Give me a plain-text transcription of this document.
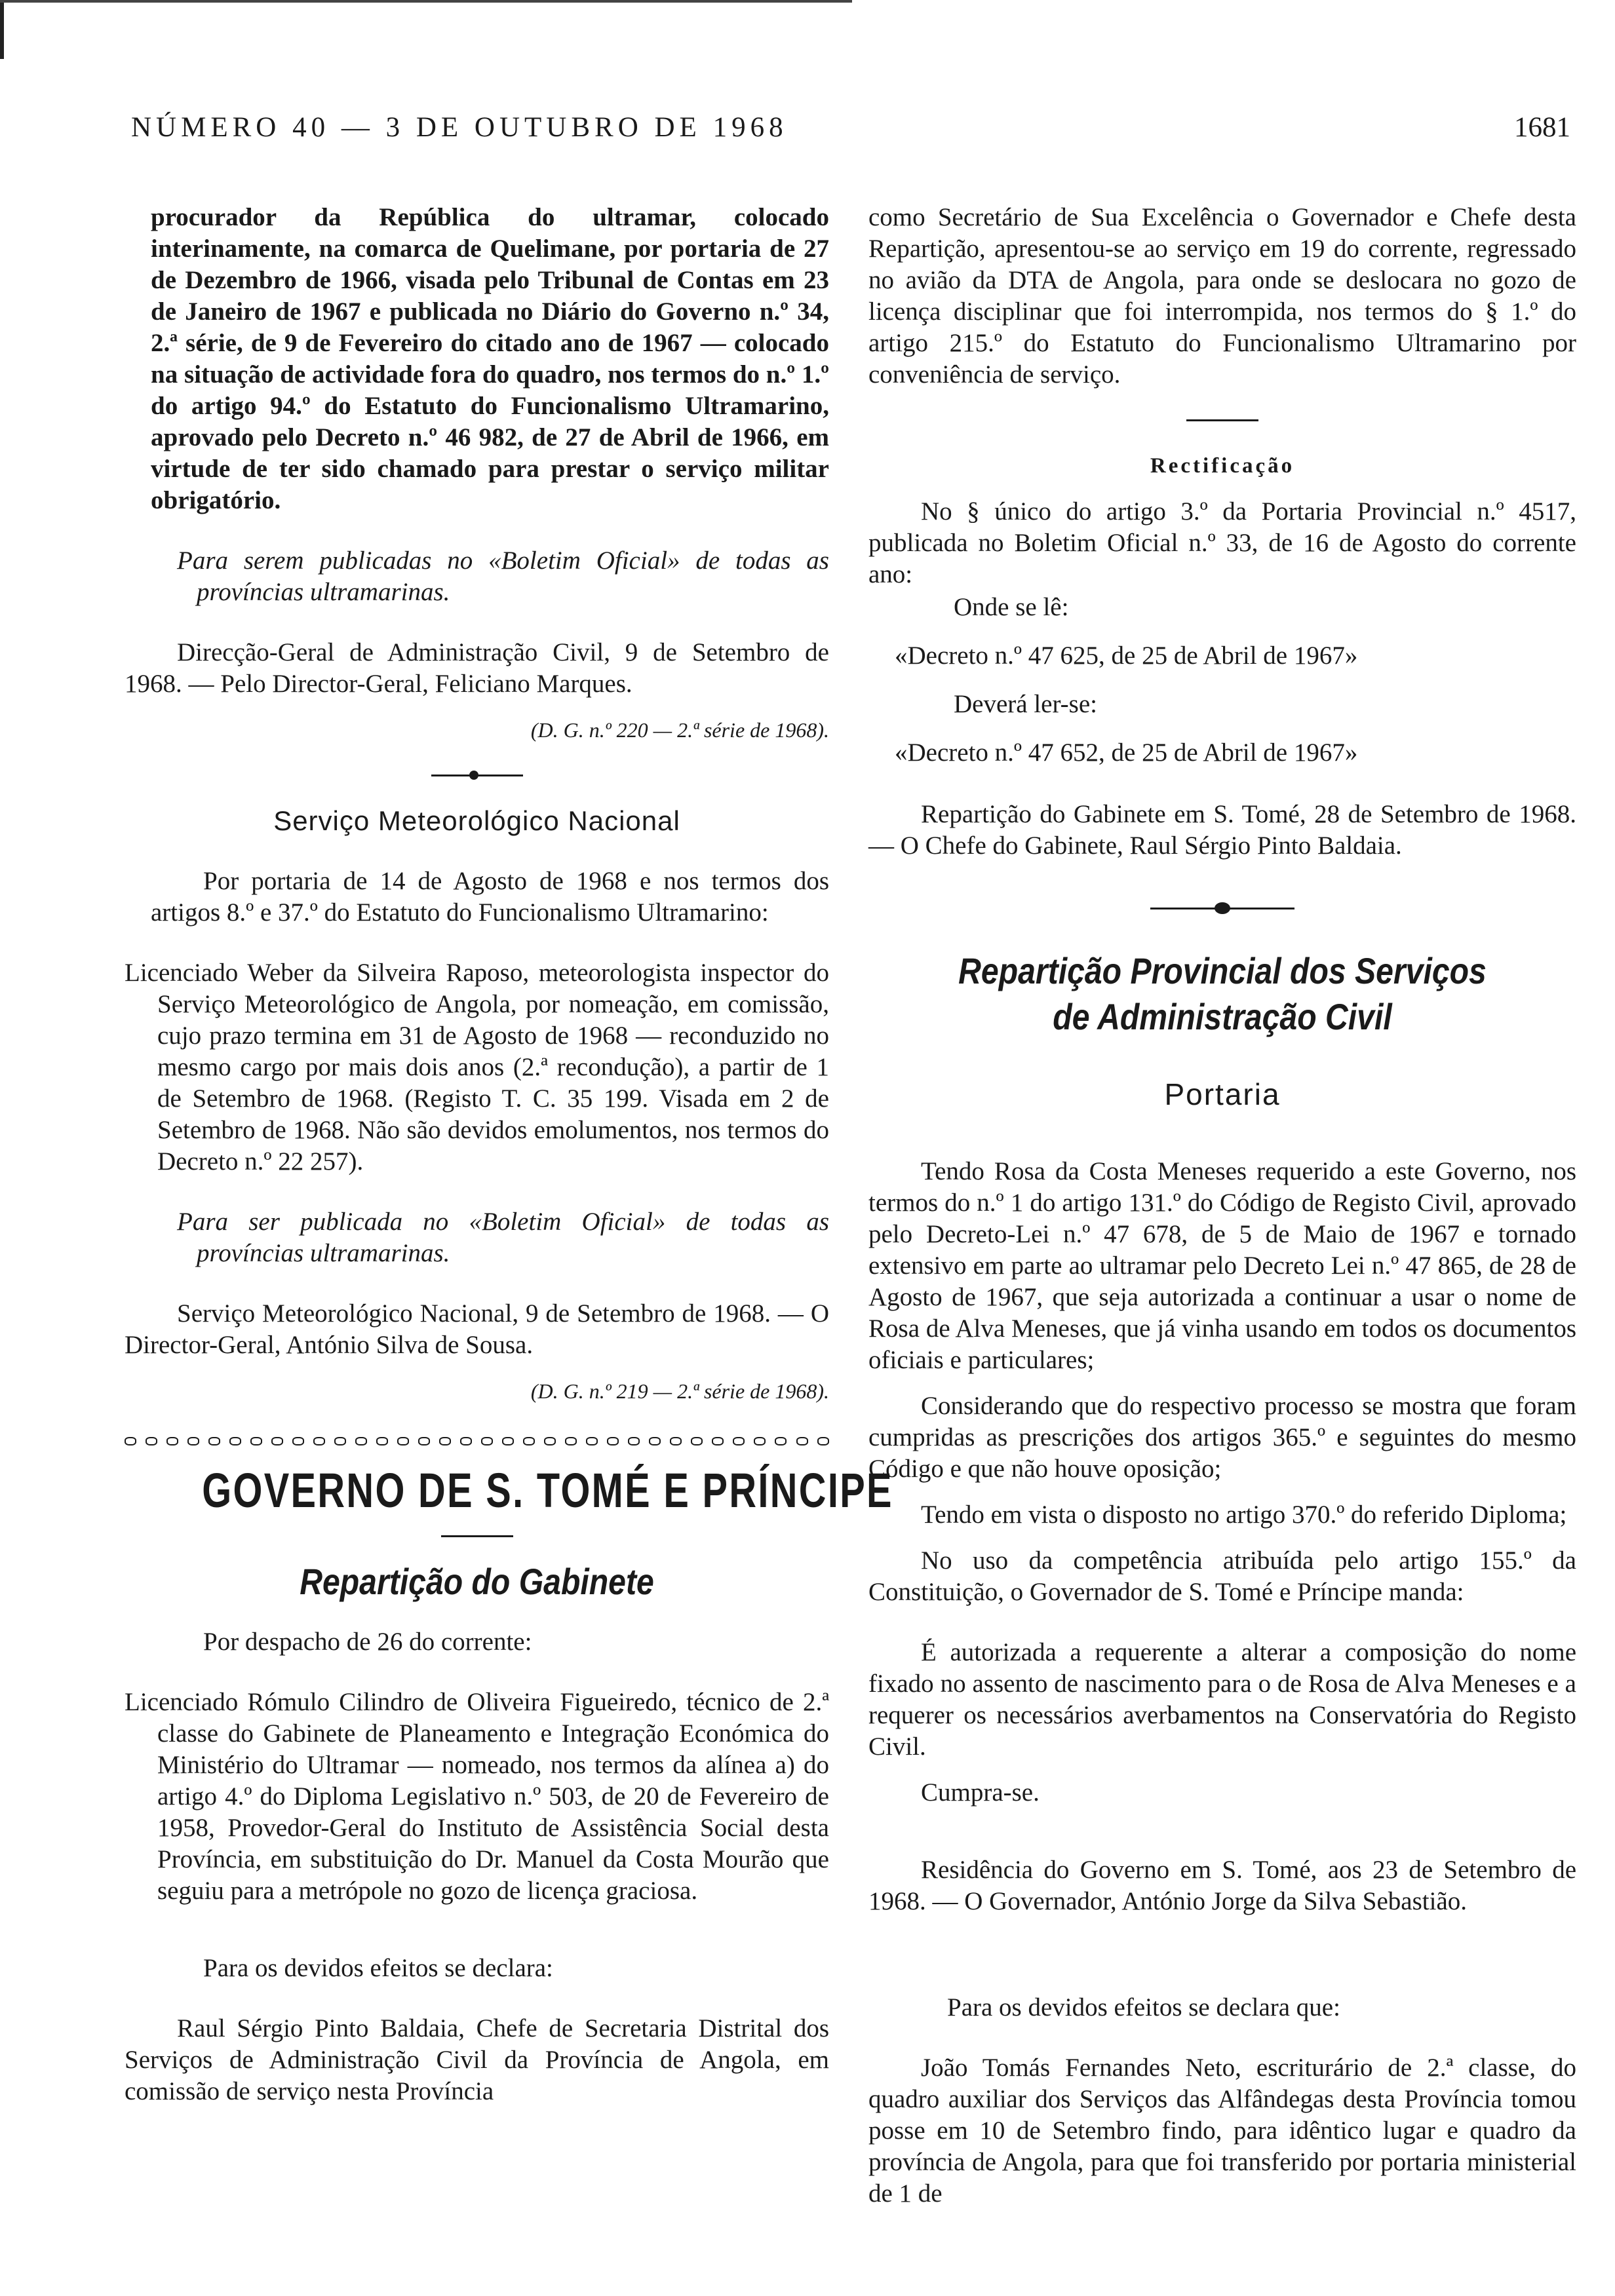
NÚMERO 40 — 3 DE OUTUBRO DE 1968	1681

procurador da República do ultramar, colocado interinamente, na comarca de Quelimane, por portaria de 27 de Dezembro de 1966, visada pelo Tribunal de Contas em 23 de Janeiro de 1967 e publicada no Diário do Governo n.º 34, 2.ª série, de 9 de Fevereiro do citado ano de 1967 — colocado na situação de actividade fora do quadro, nos termos do n.º 1.º do artigo 94.º do Estatuto do Funcionalismo Ultramarino, aprovado pelo Decreto n.º 46 982, de 27 de Abril de 1966, em virtude de ter sido chamado para prestar o serviço militar obrigatório.

Para serem publicadas no «Boletim Oficial» de todas as províncias ultramarinas.

Direcção-Geral de Administração Civil, 9 de Setembro de 1968. — Pelo Director-Geral, Feliciano Marques.

(D. G. n.º 220 — 2.ª série de 1968).

Serviço Meteorológico Nacional

Por portaria de 14 de Agosto de 1968 e nos termos dos artigos 8.º e 37.º do Estatuto do Funcionalismo Ultramarino:

Licenciado Weber da Silveira Raposo, meteorologista inspector do Serviço Meteorológico de Angola, por nomeação, em comissão, cujo prazo termina em 31 de Agosto de 1968 — reconduzido no mesmo cargo por mais dois anos (2.ª recondução), a partir de 1 de Setembro de 1968. (Registo T. C. 35 199. Visada em 2 de Setembro de 1968. Não são devidos emolumentos, nos termos do Decreto n.º 22 257).

Para ser publicada no «Boletim Oficial» de todas as províncias ultramarinas.

Serviço Meteorológico Nacional, 9 de Setembro de 1968. — O Director-Geral, António Silva de Sousa.

(D. G. n.º 219 — 2.ª série de 1968).

GOVERNO DE S. TOMÉ E PRÍNCIPE

Repartição do Gabinete

Por despacho de 26 do corrente:

Licenciado Rómulo Cilindro de Oliveira Figueiredo, técnico de 2.ª classe do Gabinete de Planeamento e Integração Económica do Ministério do Ultramar — nomeado, nos termos da alínea a) do artigo 4.º do Diploma Legislativo n.º 503, de 20 de Fevereiro de 1958, Provedor-Geral do Instituto de Assistência Social desta Província, em substituição do Dr. Manuel da Costa Mourão que seguiu para a metrópole no gozo de licença graciosa.

Para os devidos efeitos se declara:

Raul Sérgio Pinto Baldaia, Chefe de Secretaria Distrital dos Serviços de Administração Civil da Província de Angola, em comissão de serviço nesta Província

como Secretário de Sua Excelência o Governador e Chefe desta Repartição, apresentou-se ao serviço em 19 do corrente, regressado no avião da DTA de Angola, para onde se deslocara no gozo de licença disciplinar que foi interrompida, nos termos do § 1.º do artigo 215.º do Estatuto do Funcionalismo Ultramarino por conveniência de serviço.

Rectificação

No § único do artigo 3.º da Portaria Provincial n.º 4517, publicada no Boletim Oficial n.º 33, de 16 de Agosto do corrente ano:

Onde se lê:

«Decreto n.º 47 625, de 25 de Abril de 1967»

Deverá ler-se:

«Decreto n.º 47 652, de 25 de Abril de 1967»

Repartição do Gabinete em S. Tomé, 28 de Setembro de 1968. — O Chefe do Gabinete, Raul Sérgio Pinto Baldaia.

Repartição Provincial dos Serviços

de Administração Civil

Portaria

Tendo Rosa da Costa Meneses requerido a este Governo, nos termos do n.º 1 do artigo 131.º do Código de Registo Civil, aprovado pelo Decreto-Lei n.º 47 678, de 5 de Maio de 1967 e tornado extensivo em parte ao ultramar pelo Decreto Lei n.º 47 865, de 28 de Agosto de 1967, que seja autorizada a continuar a usar o nome de Rosa de Alva Meneses, que já vinha usando em todos os documentos oficiais e particulares;

Considerando que do respectivo processo se mostra que foram cumpridas as prescrições dos artigos 365.º e seguintes do mesmo Código e que não houve oposição;

Tendo em vista o disposto no artigo 370.º do referido Diploma;

No uso da competência atribuída pelo artigo 155.º da Constituição, o Governador de S. Tomé e Príncipe manda:

É autorizada a requerente a alterar a composição do nome fixado no assento de nascimento para o de Rosa de Alva Meneses e a requerer os necessários averbamentos na Conservatória do Registo Civil.

Cumpra-se.

Residência do Governo em S. Tomé, aos 23 de Setembro de 1968. — O Governador, António Jorge da Silva Sebastião.

Para os devidos efeitos se declara que:

João Tomás Fernandes Neto, escriturário de 2.ª classe, do quadro auxiliar dos Serviços das Alfândegas desta Província tomou posse em 10 de Setembro findo, para idêntico lugar e quadro da província de Angola, para que foi transferido por portaria ministerial de 1 de
